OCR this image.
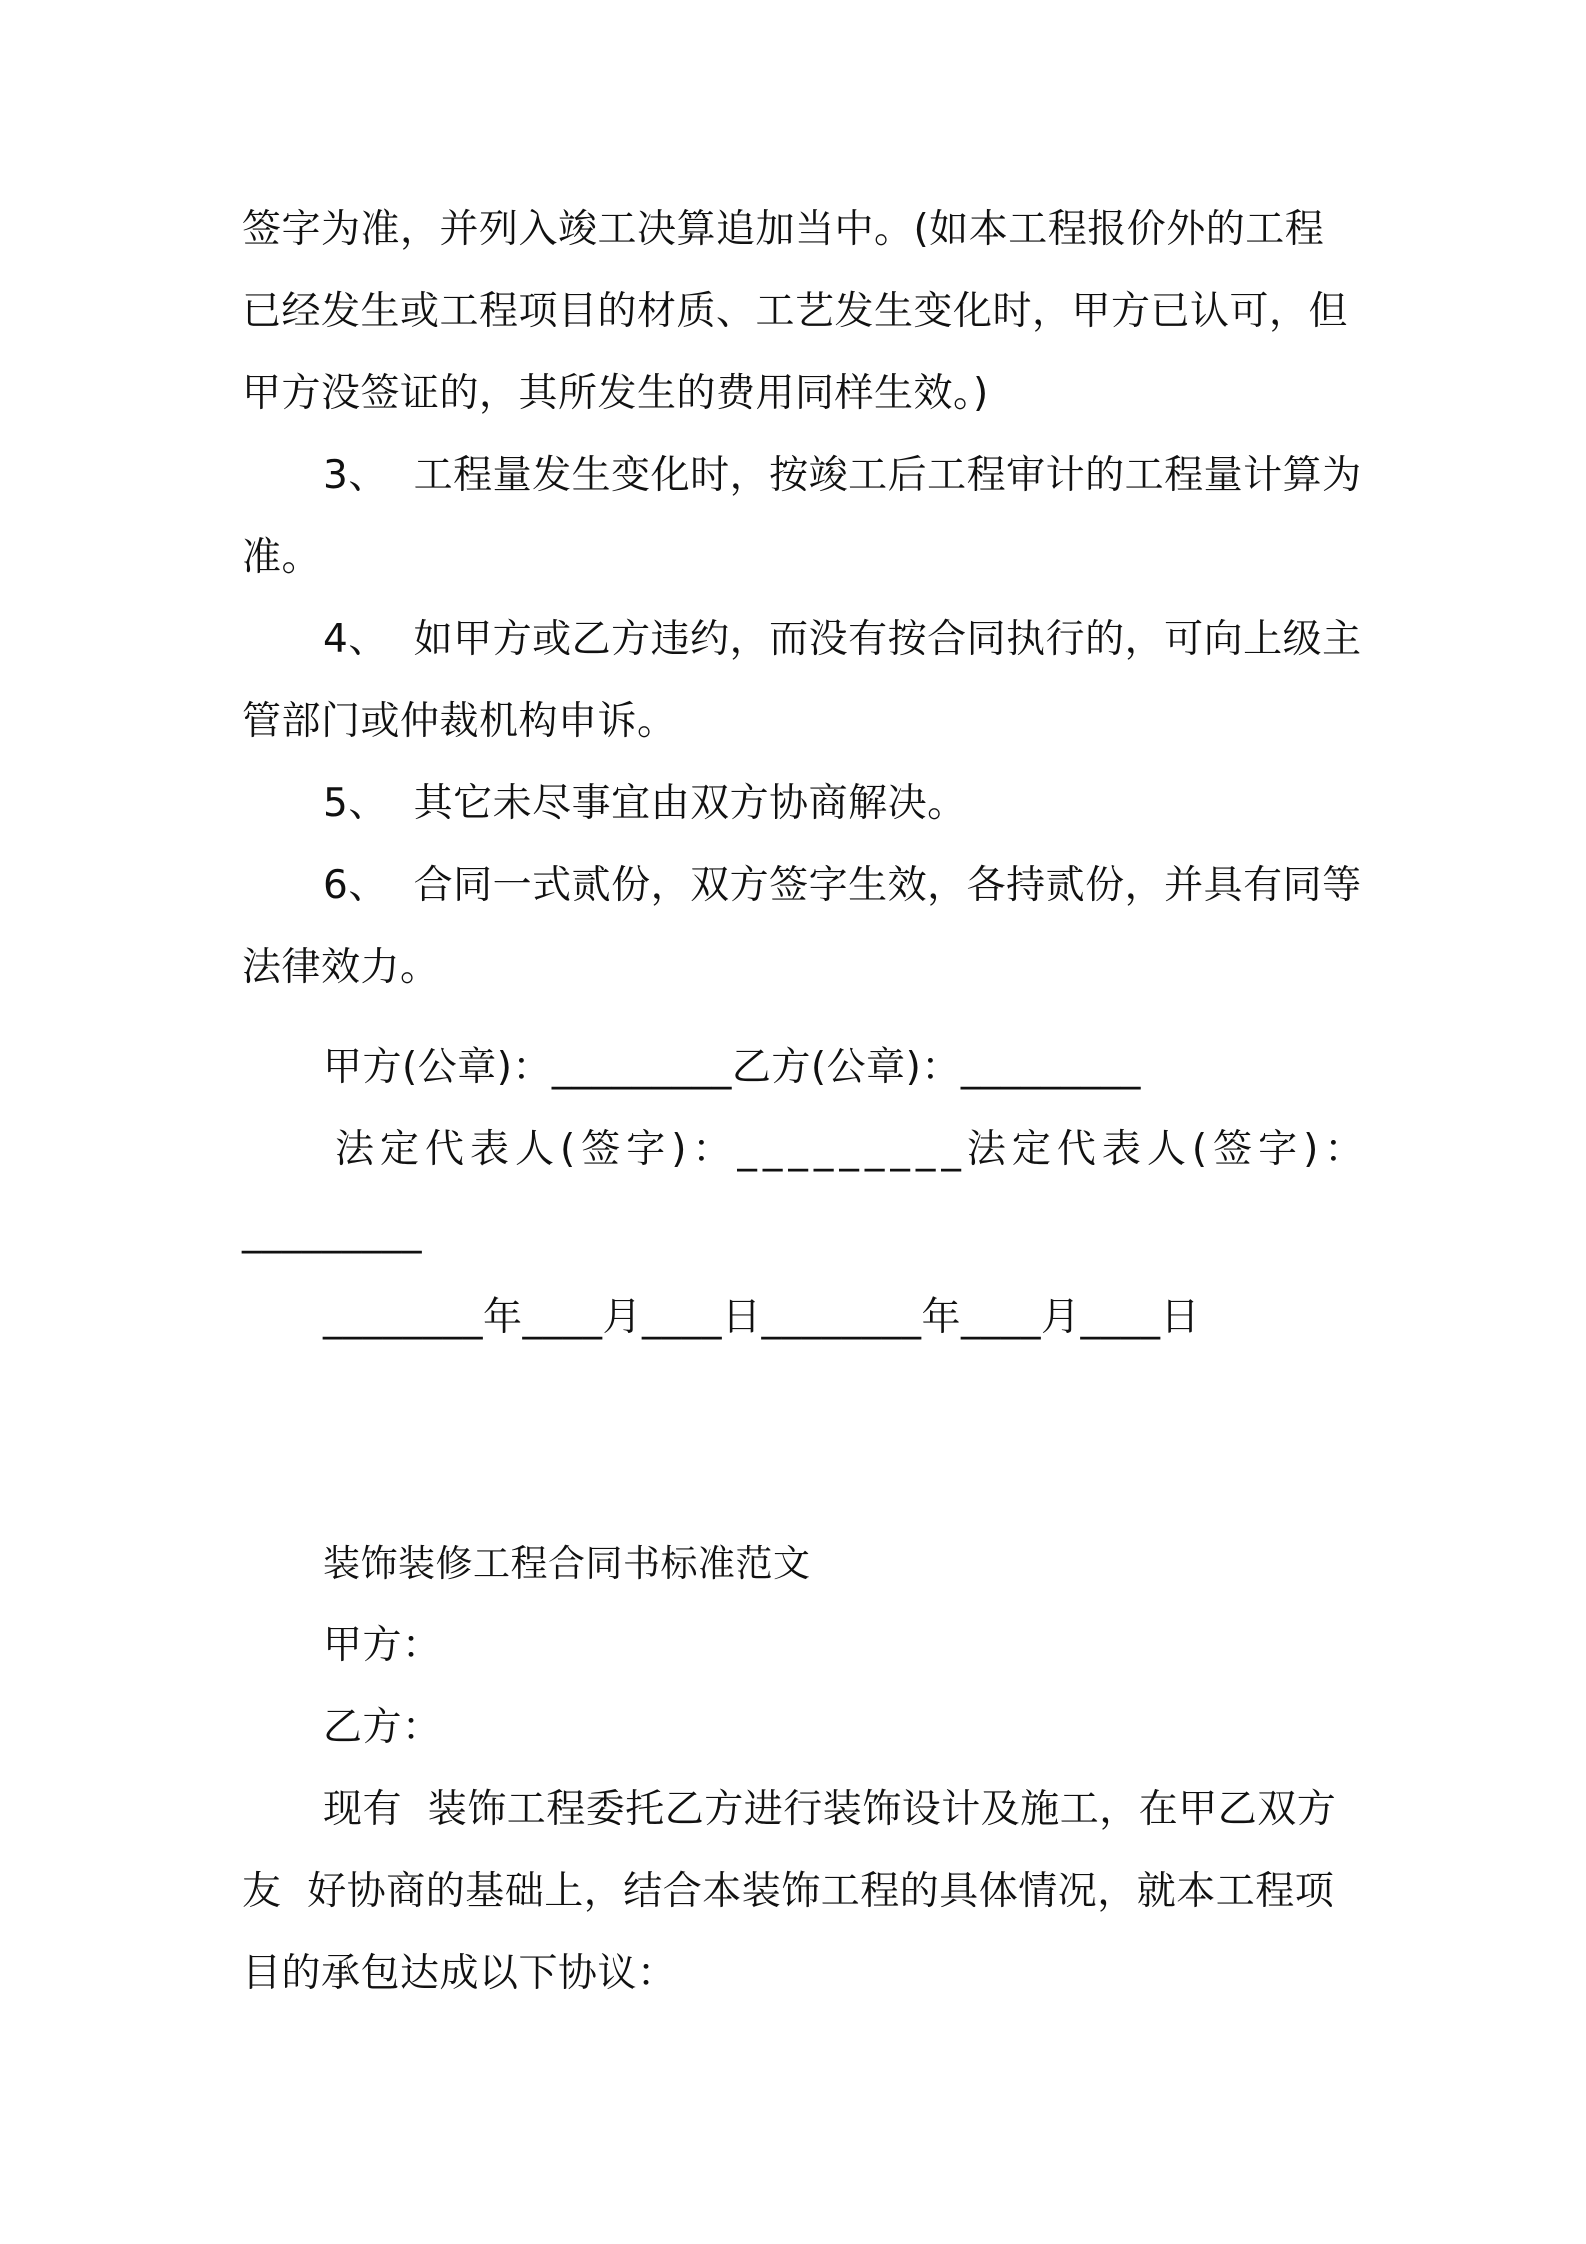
签字为准，并列入竣工决算追加当中。(如本工程报价外的工程
已经发生或工程项目的材质、工艺发生变化时，甲方已认可，但
甲方没签证的，其所发生的费用同样生效。)
3、  工程量发生变化时，按竣工后工程审计的工程量计算为
准。
4、  如甲方或乙方违约，而没有按合同执行的，可向上级主
管部门或仲裁机构申诉。
5、  其它未尽事宜由双方协商解决。
6、  合同一式贰份，双方签字生效，各持贰份，并具有同等
法律效力。
甲方(公章)：_________乙方(公章)：_________
法定代表人(签字)：_________法定代表人(签字)：
_________
________年____月____日________年____月____日
装饰装修工程合同书标准范文
甲方：
乙方：
现有  装饰工程委托乙方进行装饰设计及施工，在甲乙双方
友  好协商的基础上，结合本装饰工程的具体情况，就本工程项
目的承包达成以下协议：
